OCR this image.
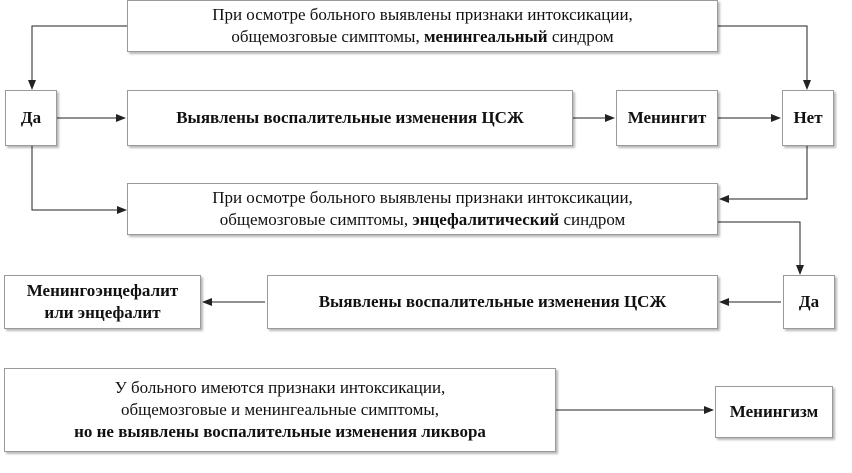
При осмотре больного выявлены признаки интоксикации,
общемозговые симптомы, менингеальный синдром
Да	Выявлены воспалительные изменения ЦСЖ	Менингит	Нет
При осмотре больного выявлены признаки интоксикации,
общемозговые симптомы, энцефалитический синдром
Менингоэнцефалит
или энцефалит
Выявлены воспалительные изменения ЦСЖ	Да
У больного имеются признаки интоксикации,
общемозговые и менингеальные симптомы,
но не выявлены воспалительные изменения ликвора
Менингизм
